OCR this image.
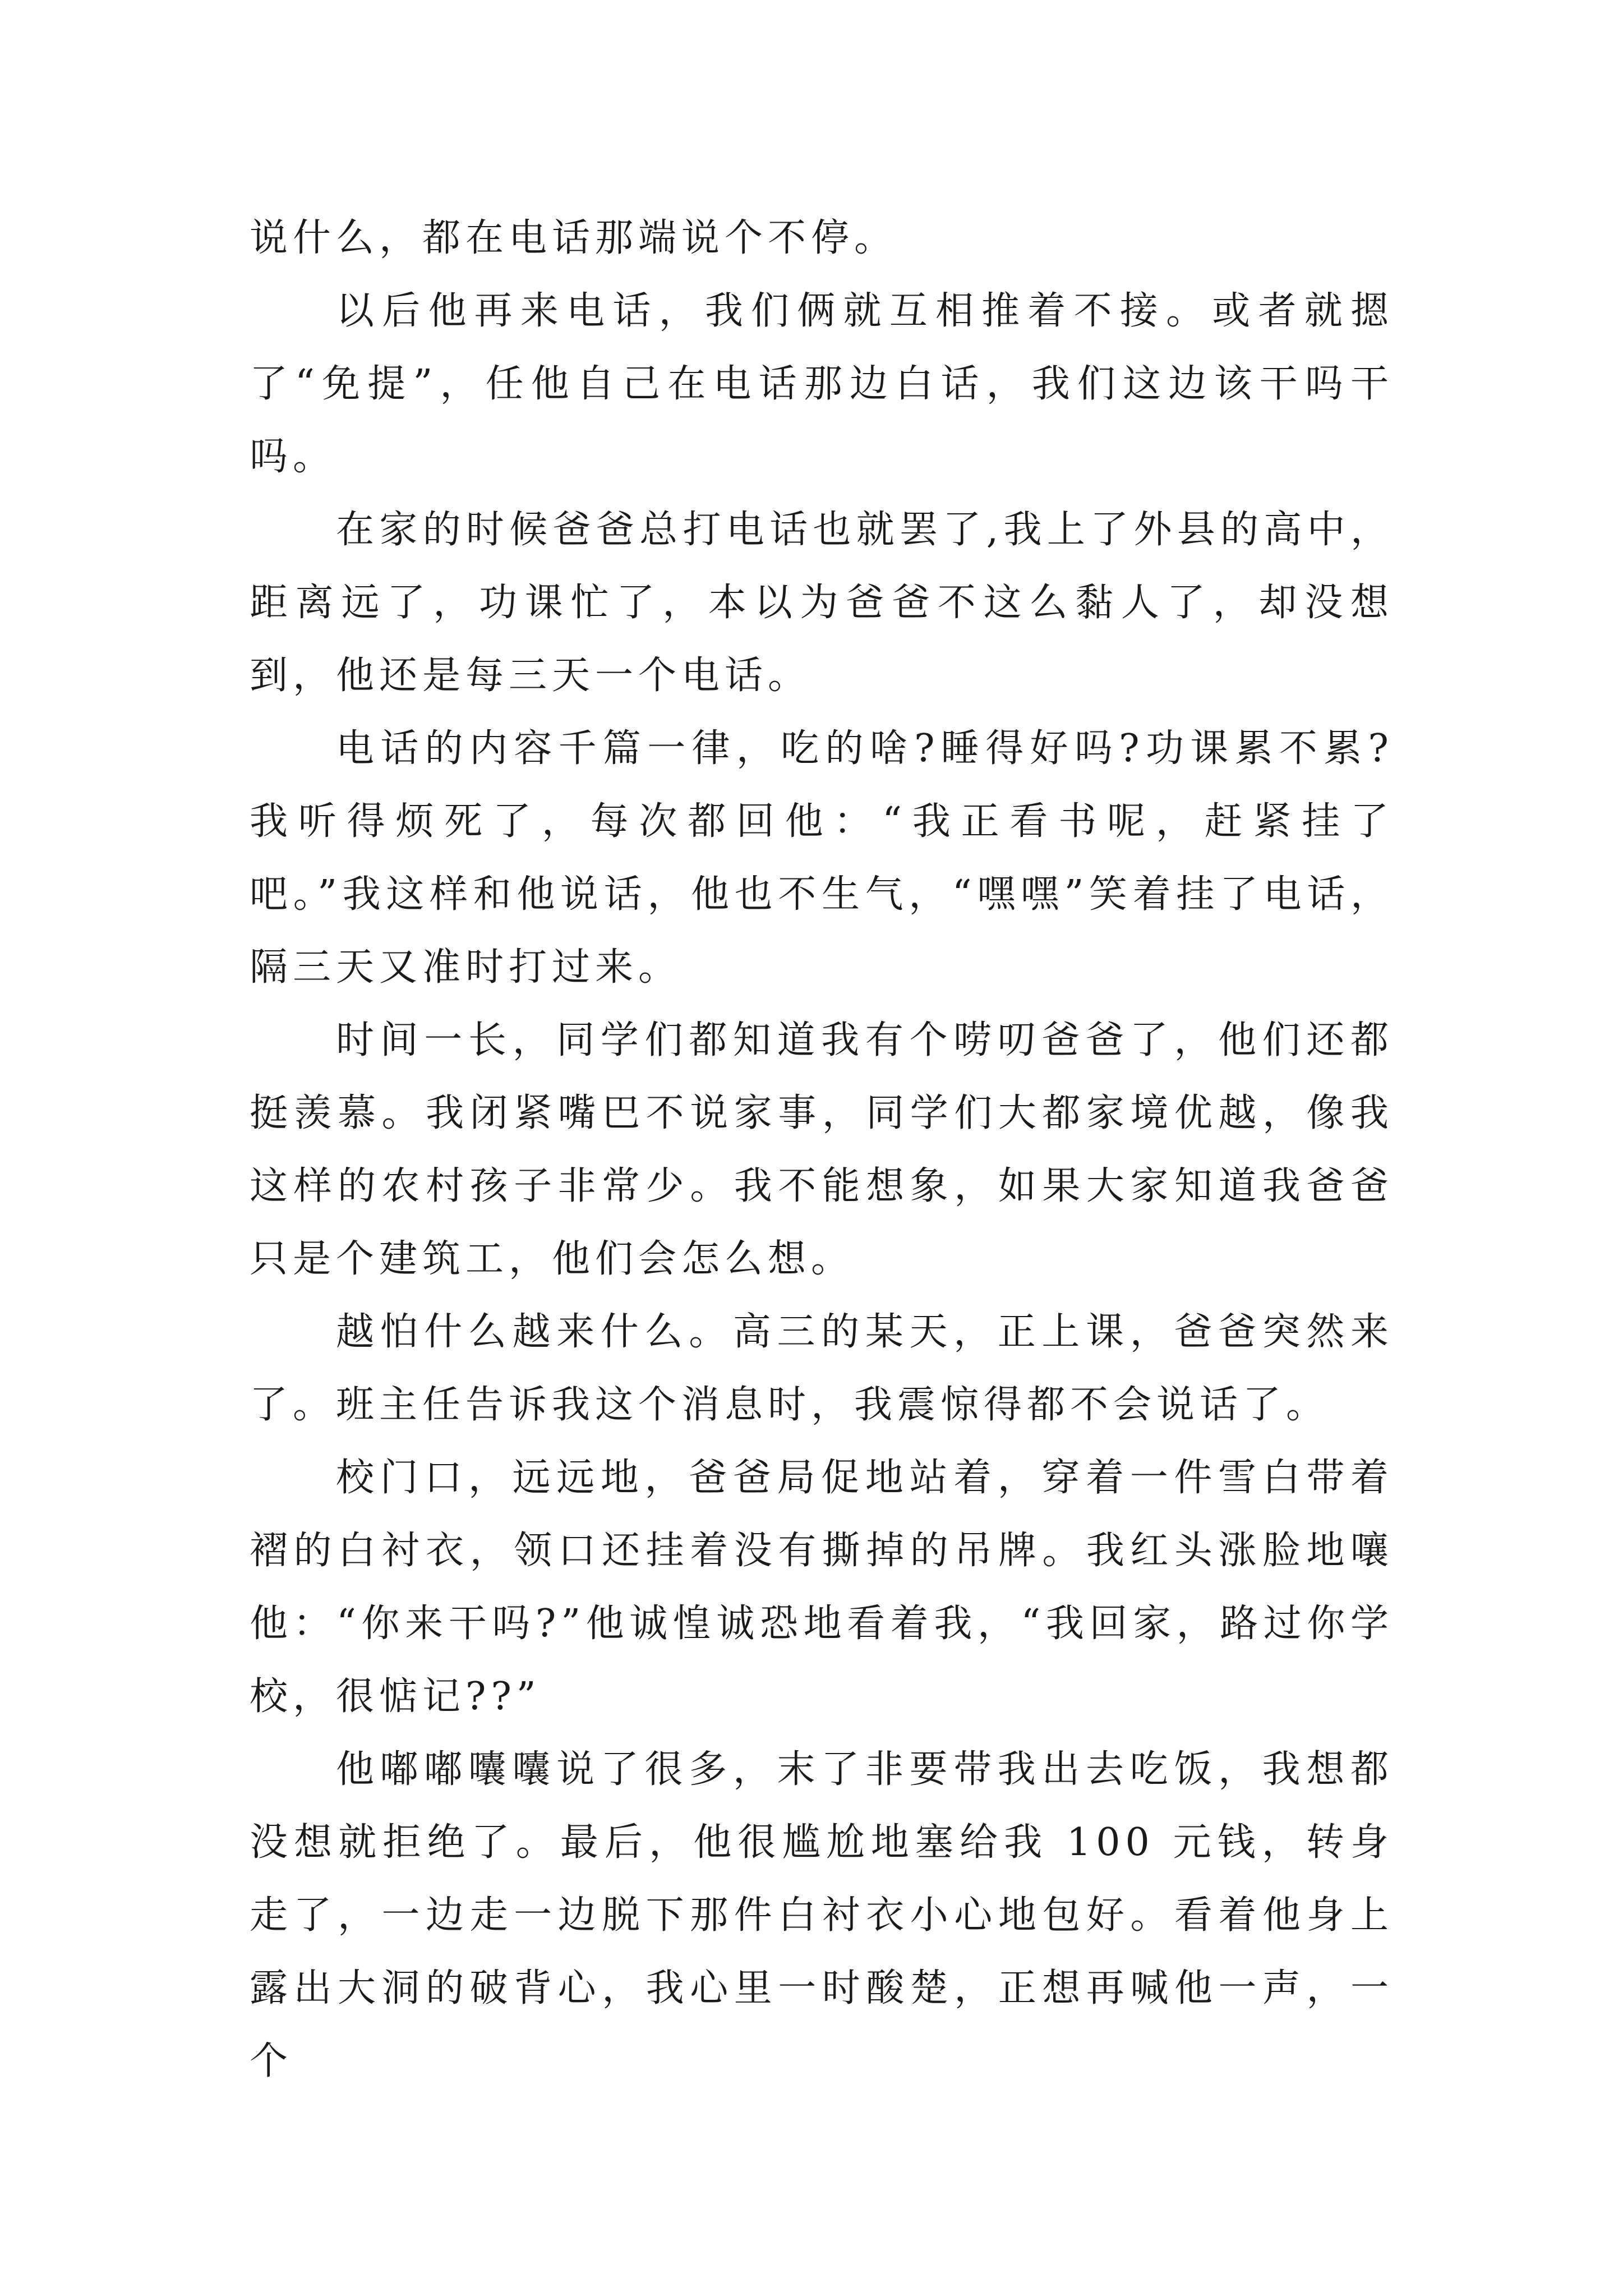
说什么，都在电话那端说个不停。

以后他再来电话，我们俩就互相推着不接。或者就摁了“免提”，任他自己在电话那边白话，我们这边该干吗干吗。

在家的时候爸爸总打电话也就罢了,我上了外县的高中，距离远了，功课忙了，本以为爸爸不这么黏人了，却没想到，他还是每三天一个电话。

电话的内容千篇一律，吃的啥?睡得好吗?功课累不累?我听得烦死了，每次都回他：“我正看书呢，赶紧挂了吧。”我这样和他说话，他也不生气，“嘿嘿”笑着挂了电话，隔三天又准时打过来。

时间一长，同学们都知道我有个唠叨爸爸了，他们还都挺羡慕。我闭紧嘴巴不说家事，同学们大都家境优越，像我这样的农村孩子非常少。我不能想象，如果大家知道我爸爸只是个建筑工，他们会怎么想。

越怕什么越来什么。高三的某天，正上课，爸爸突然来了。班主任告诉我这个消息时，我震惊得都不会说话了。

校门口，远远地，爸爸局促地站着，穿着一件雪白带着褶的白衬衣，领口还挂着没有撕掉的吊牌。我红头涨脸地嚷他：“你来干吗?”他诚惶诚恐地看着我，“我回家，路过你学校，很惦记??”

他嘟嘟囔囔说了很多，末了非要带我出去吃饭，我想都没想就拒绝了。最后，他很尴尬地塞给我 100 元钱，转身走了，一边走一边脱下那件白衬衣小心地包好。看着他身上露出大洞的破背心，我心里一时酸楚，正想再喊他一声，一个
